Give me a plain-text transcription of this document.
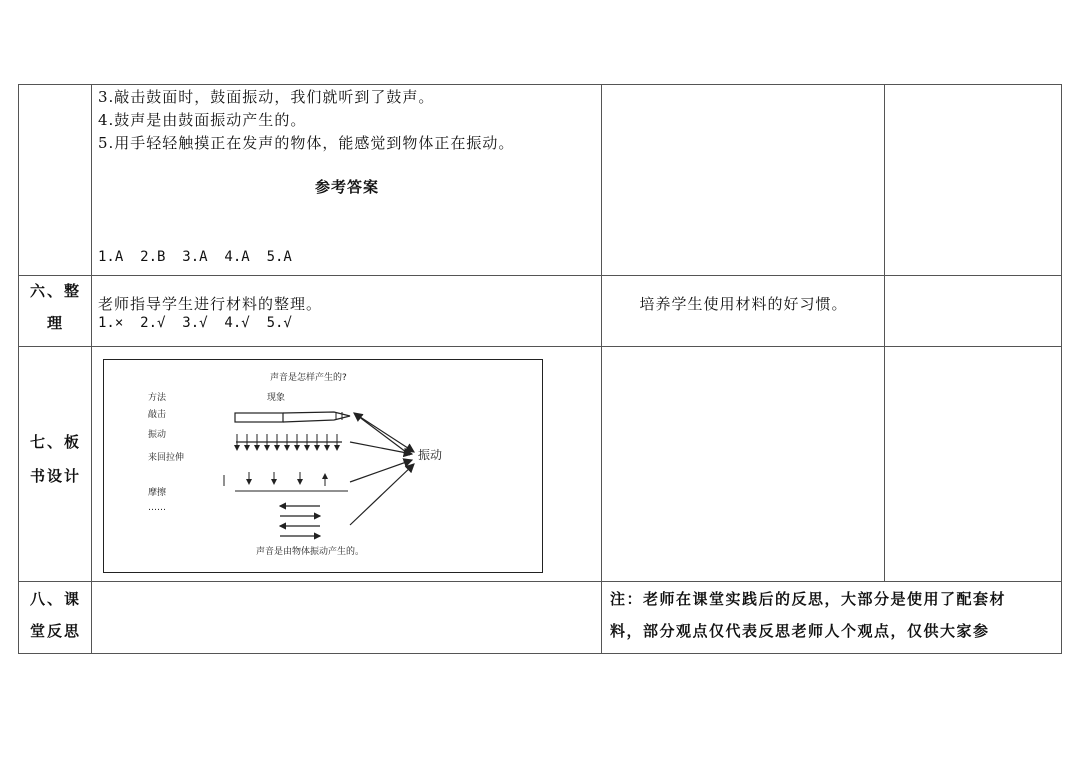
3.敲击鼓面时，鼓面振动，我们就听到了鼓声。
4.鼓声是由鼓面振动产生的。
5.用手轻轻触摸正在发声的物体，能感觉到物体正在振动。
参考答案

1.A  2.B  3.A  4.A  5.A

1.×  2.√  3.√  4.√  5.√

六、整
理
老师指导学生进行材料的整理。	培养学生使用材料的好习惯。
七、板
书设计
声音是怎样产生的?
方法	现象
敲击
振动
来回拉伸
摩擦
……
振动
声音是由物体振动产生的。
八、课
堂反思
注：老师在课堂实践后的反思，大部分是使用了配套材
料，部分观点仅代表反思老师人个观点，仅供大家参
